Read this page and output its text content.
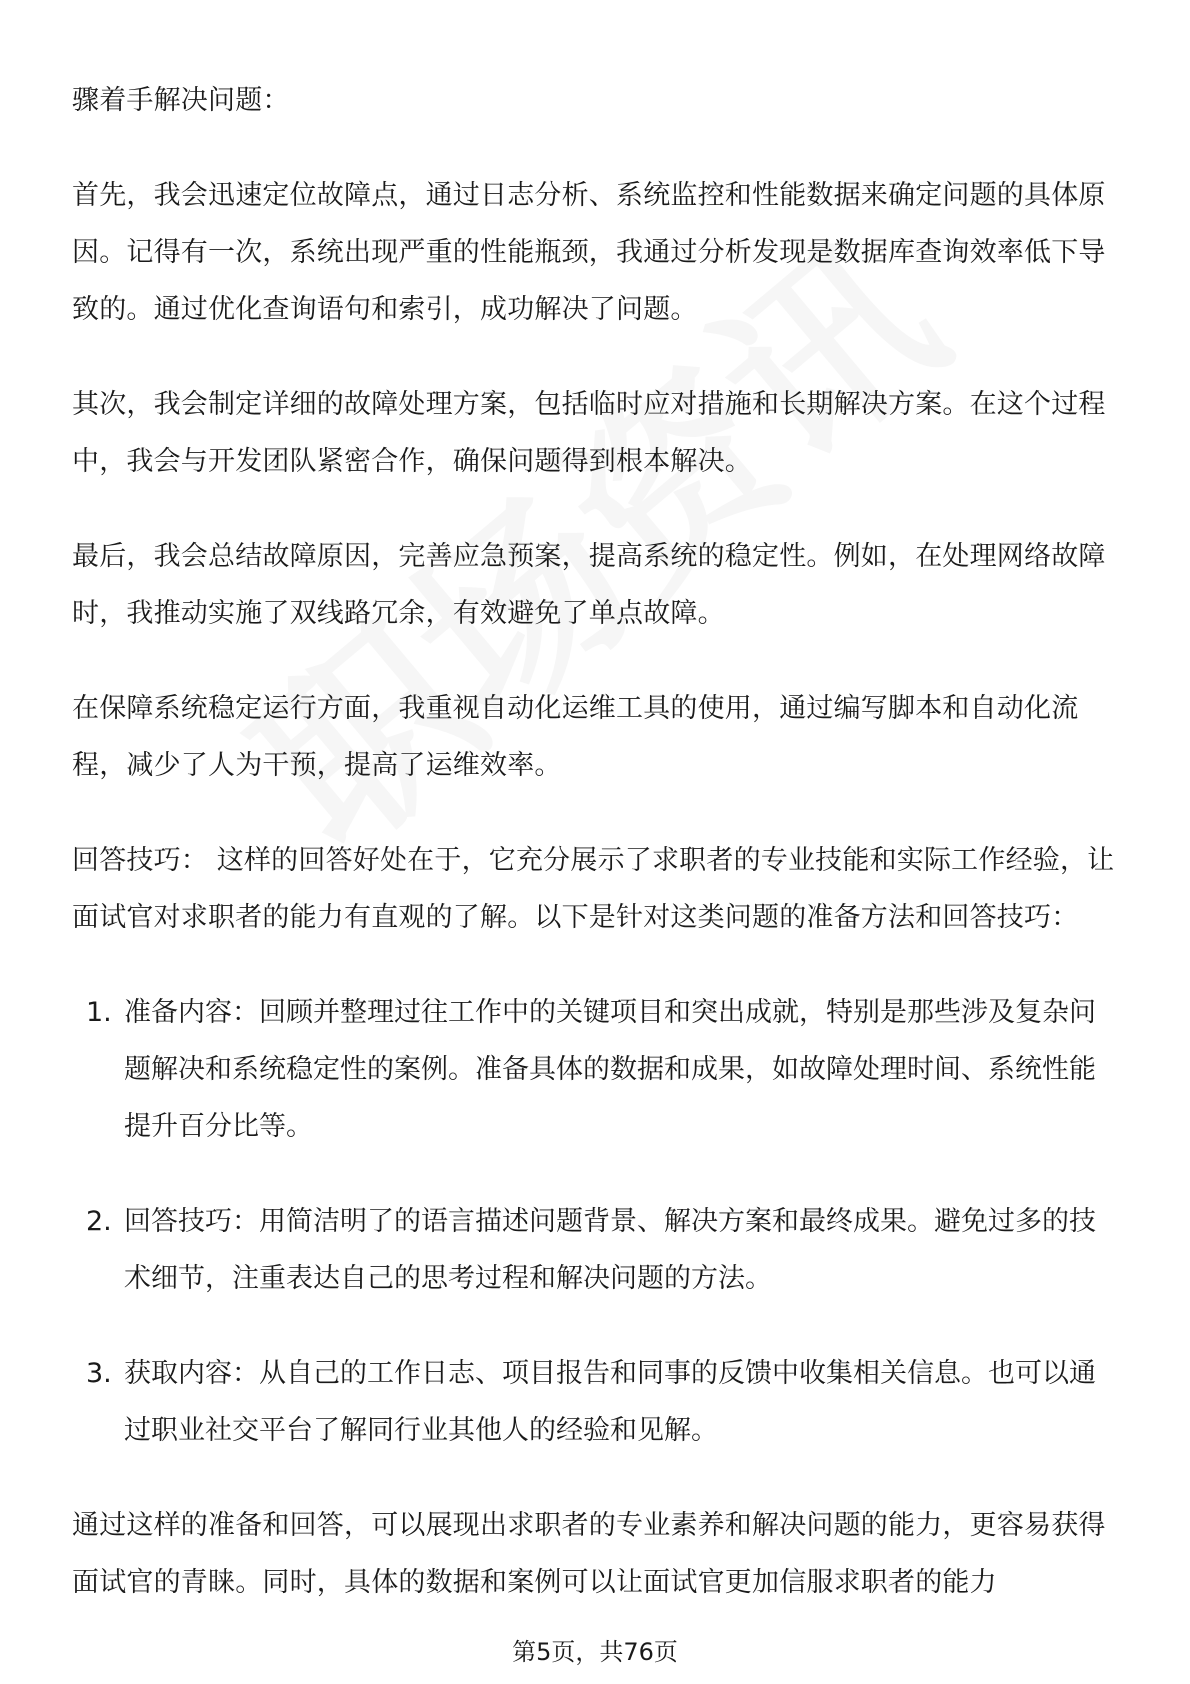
骤着手解决问题：

首先，我会迅速定位故障点，通过日志分析、系统监控和性能数据来确定问题的具体原因。记得有一次，系统出现严重的性能瓶颈，我通过分析发现是数据库查询效率低下导致的。通过优化查询语句和索引，成功解决了问题。

其次，我会制定详细的故障处理方案，包括临时应对措施和长期解决方案。在这个过程中，我会与开发团队紧密合作，确保问题得到根本解决。

最后，我会总结故障原因，完善应急预案，提高系统的稳定性。例如，在处理网络故障时，我推动实施了双线路冗余，有效避免了单点故障。

在保障系统稳定运行方面，我重视自动化运维工具的使用，通过编写脚本和自动化流程，减少了人为干预，提高了运维效率。

回答技巧： 这样的回答好处在于，它充分展示了求职者的专业技能和实际工作经验，让面试官对求职者的能力有直观的了解。以下是针对这类问题的准备方法和回答技巧：

1. 准备内容：回顾并整理过往工作中的关键项目和突出成就，特别是那些涉及复杂问题解决和系统稳定性的案例。准备具体的数据和成果，如故障处理时间、系统性能提升百分比等。
2. 回答技巧：用简洁明了的语言描述问题背景、解决方案和最终成果。避免过多的技术细节，注重表达自己的思考过程和解决问题的方法。
3. 获取内容：从自己的工作日志、项目报告和同事的反馈中收集相关信息。也可以通过职业社交平台了解同行业其他人的经验和见解。

通过这样的准备和回答，可以展现出求职者的专业素养和解决问题的能力，更容易获得面试官的青睐。同时，具体的数据和案例可以让面试官更加信服求职者的能力

第5页，共76页
